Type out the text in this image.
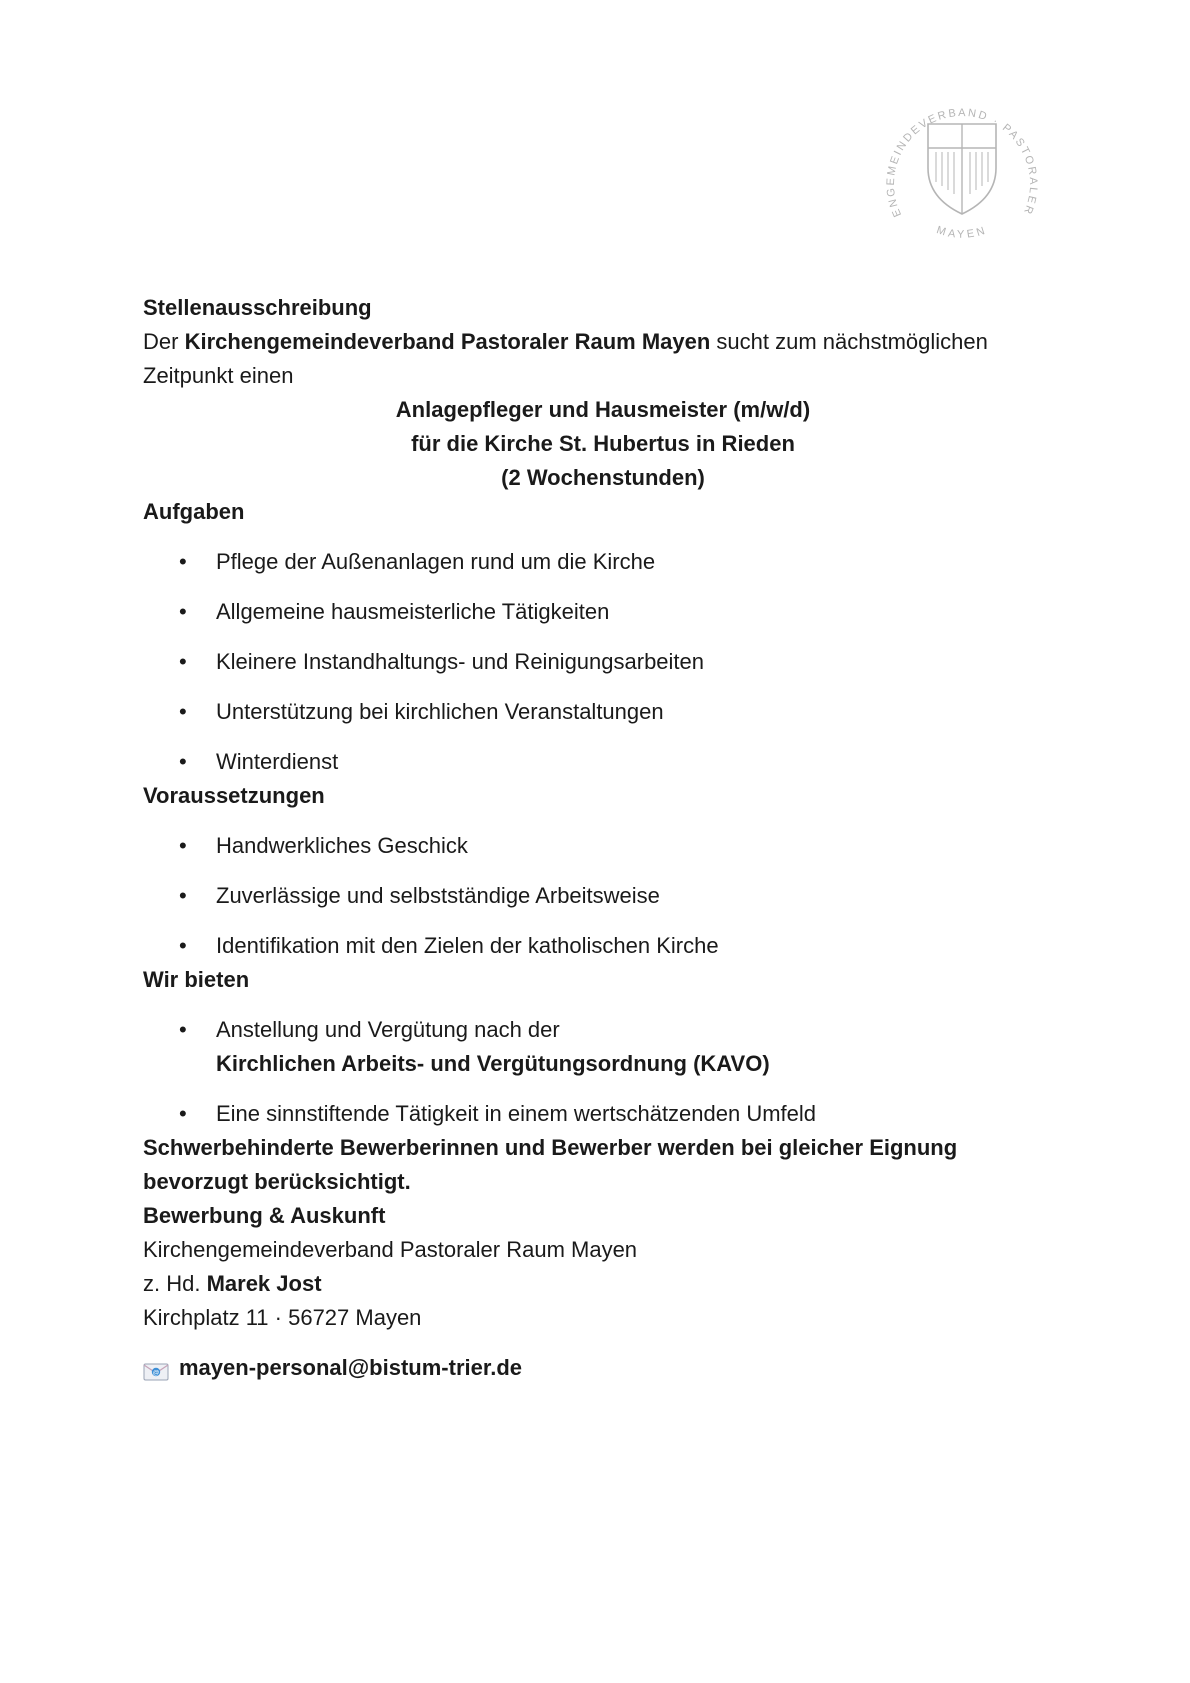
ENGEMEINDEVERBAND · PASTORALER
MAYEN

Stellenausschreibung

Der Kirchengemeindeverband Pastoraler Raum Mayen sucht zum nächstmöglichen Zeitpunkt einen

Anlagepfleger und Hausmeister (m/w/d)

für die Kirche St. Hubertus in Rieden

(2 Wochenstunden)

Aufgaben

• Pflege der Außenanlagen rund um die Kirche
• Allgemeine hausmeisterliche Tätigkeiten
• Kleinere Instandhaltungs- und Reinigungsarbeiten
• Unterstützung bei kirchlichen Veranstaltungen
• Winterdienst

Voraussetzungen

• Handwerkliches Geschick
• Zuverlässige und selbstständige Arbeitsweise
• Identifikation mit den Zielen der katholischen Kirche

Wir bieten

• Anstellung und Vergütung nach der
Kirchlichen Arbeits- und Vergütungsordnung (KAVO)
• Eine sinnstiftende Tätigkeit in einem wertschätzenden Umfeld

Schwerbehinderte Bewerberinnen und Bewerber werden bei gleicher Eignung bevorzugt berücksichtigt.

Bewerbung & Auskunft

Kirchengemeindeverband Pastoraler Raum Mayen

z. Hd. Marek Jost

Kirchplatz 11 · 56727 Mayen

@ mayen-personal@bistum-trier.de
